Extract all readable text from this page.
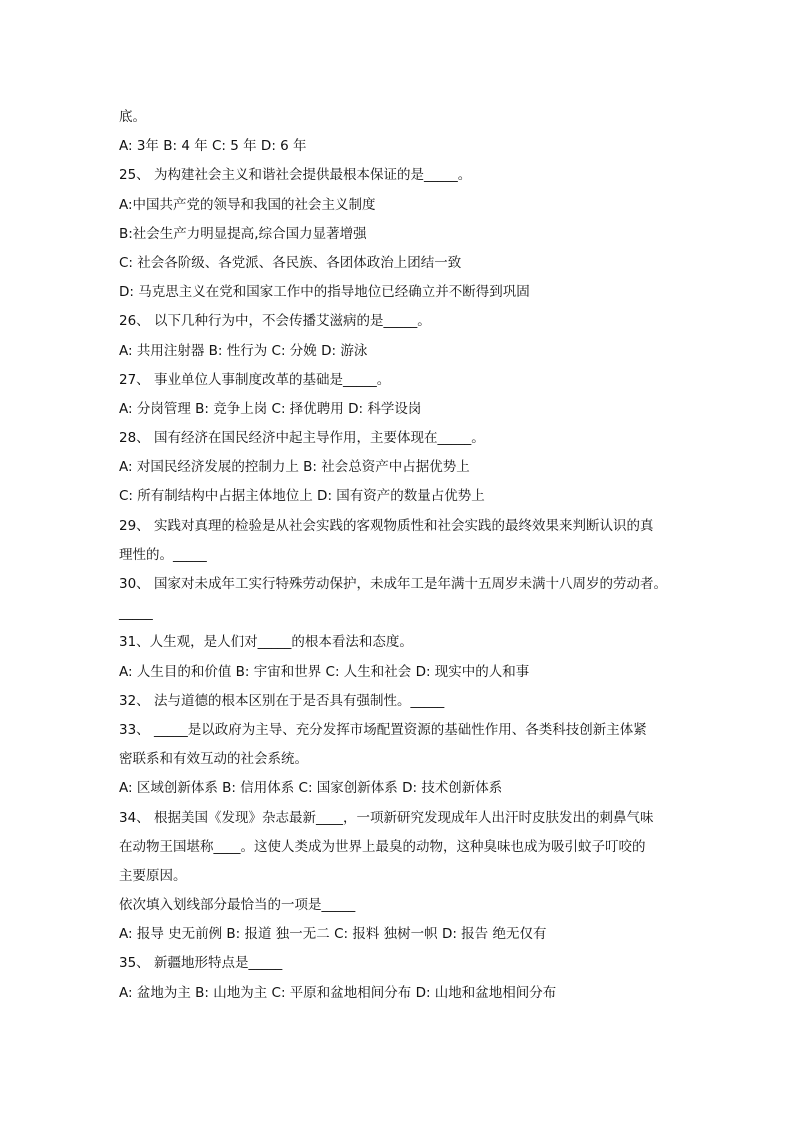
底。
A: 3年 B: 4 年 C: 5 年 D: 6 年
25、 为构建社会主义和谐社会提供最根本保证的是_____。
A:中国共产党的领导和我国的社会主义制度
B:社会生产力明显提高,综合国力显著增强
C: 社会各阶级、各党派、各民族、各团体政治上团结一致
D: 马克思主义在党和国家工作中的指导地位已经确立并不断得到巩固
26、 以下几种行为中，不会传播艾滋病的是_____。
A: 共用注射器 B: 性行为 C: 分娩 D: 游泳
27、 事业单位人事制度改革的基础是_____。
A: 分岗管理 B: 竞争上岗 C: 择优聘用 D: 科学设岗
28、 国有经济在国民经济中起主导作用，主要体现在_____。
A: 对国民经济发展的控制力上 B: 社会总资产中占据优势上
C: 所有制结构中占据主体地位上 D: 国有资产的数量占优势上
29、 实践对真理的检验是从社会实践的客观物质性和社会实践的最终效果来判断认识的真
理性的。_____
30、 国家对未成年工实行特殊劳动保护，未成年工是年满十五周岁未满十八周岁的劳动者。
_____
31、人生观，是人们对_____的根本看法和态度。
A: 人生目的和价值 B: 宇宙和世界 C: 人生和社会 D: 现实中的人和事
32、 法与道德的根本区别在于是否具有强制性。_____
33、 _____是以政府为主导、充分发挥市场配置资源的基础性作用、各类科技创新主体紧
密联系和有效互动的社会系统。
A: 区域创新体系 B: 信用体系 C: 国家创新体系 D: 技术创新体系
34、 根据美国《发现》杂志最新____，一项新研究发现成年人出汗时皮肤发出的刺鼻气味
在动物王国堪称____。这使人类成为世界上最臭的动物，这种臭味也成为吸引蚊子叮咬的
主要原因。
依次填入划线部分最恰当的一项是_____
A: 报导 史无前例 B: 报道 独一无二 C: 报料 独树一帜 D: 报告 绝无仅有
35、 新疆地形特点是_____
A: 盆地为主 B: 山地为主 C: 平原和盆地相间分布 D: 山地和盆地相间分布
